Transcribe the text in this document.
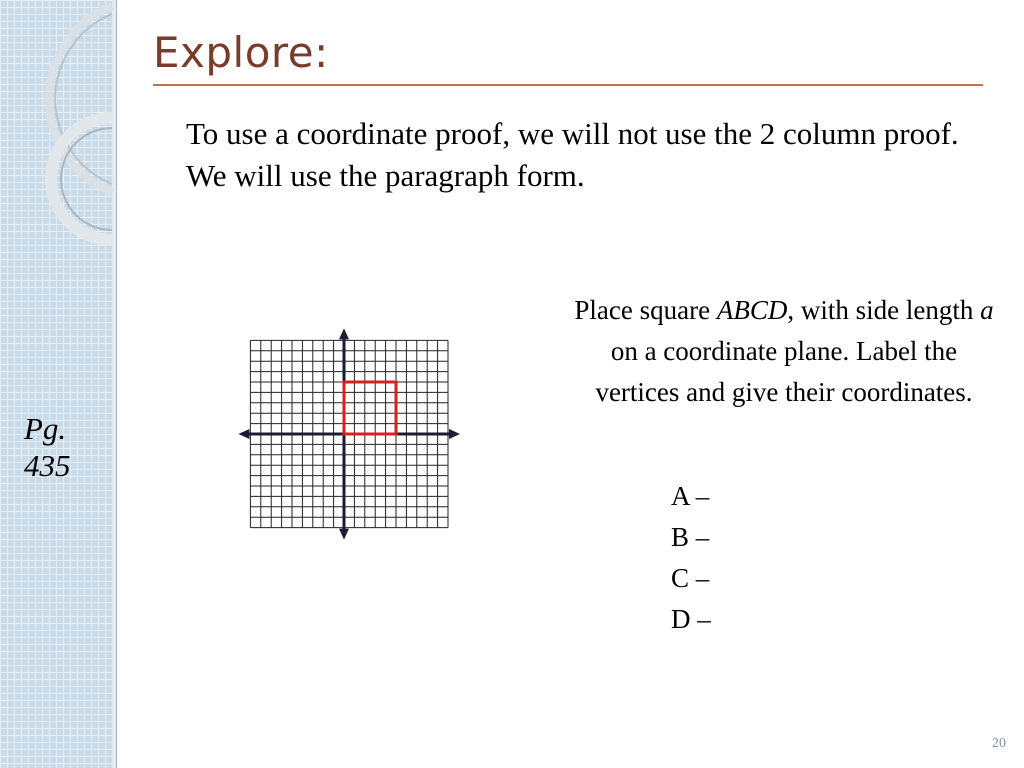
Explore:

To use a coordinate proof, we will not use the 2 column proof. We will use the paragraph form.

Pg.
435

Place square ABCD, with side length a on a coordinate plane. Label the vertices and give their coordinates.

A –
B –
C –
D –
20
